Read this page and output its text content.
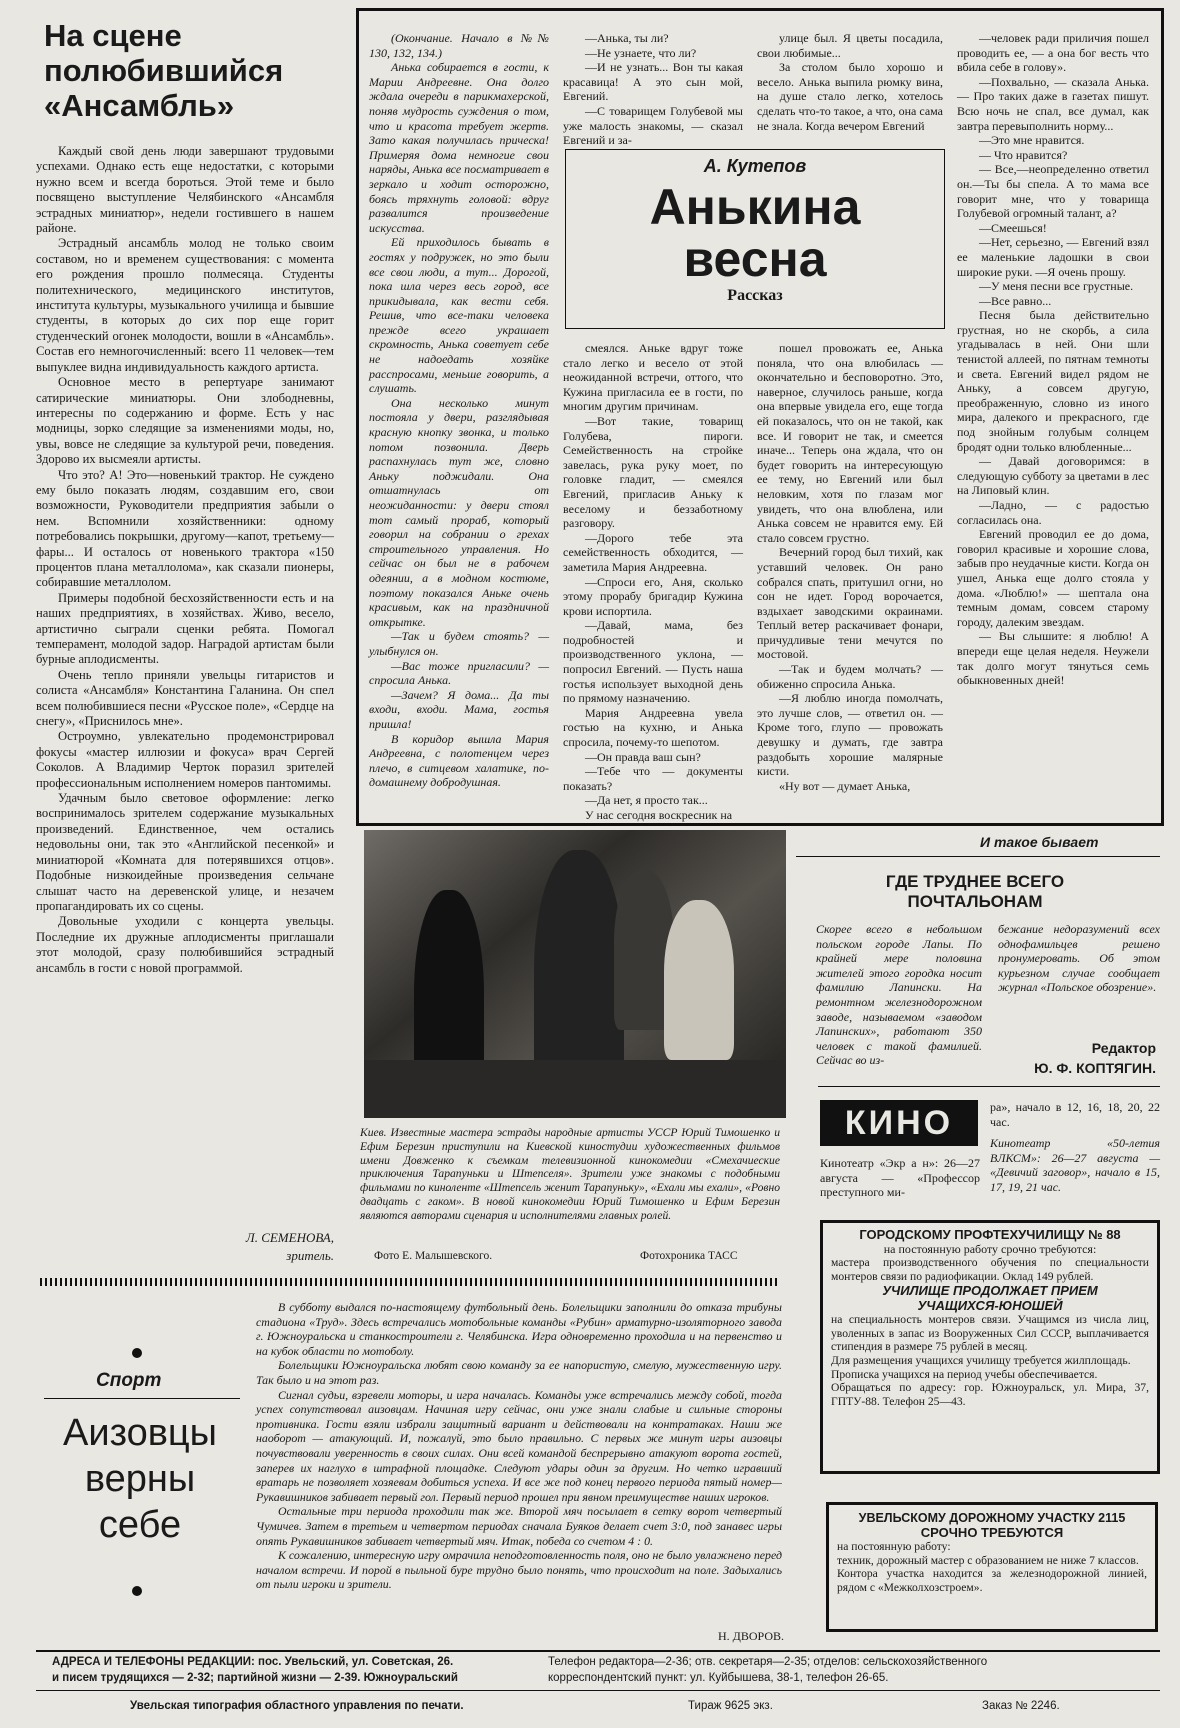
На сцене полюбившийся «Ансамбль»

Каждый свой день люди завершают трудовыми успехами. Однако есть еще недостатки, с которыми нужно всем и всегда бороться. Этой теме и было посвящено выступление Челябинского «Ансамбля эстрадных миниатюр», недели гостившего в нашем районе.

Эстрадный ансамбль молод не только своим составом, но и временем существования: с момента его рождения прошло полмесяца. Студенты политехнического, медицинского институтов, института культуры, музыкального училища и бывшие студенты, в которых до сих пор еще горит студенческий огонек молодости, вошли в «Ансамбль». Состав его немногочисленный: всего 11 человек—тем выпуклее видна индивидуальность каждого артиста.

Основное место в репертуаре занимают сатирические миниатюры. Они злободневны, интересны по содержанию и форме. Есть у нас модницы, зорко следящие за изменениями моды, но, увы, вовсе не следящие за культурой речи, поведения. Здорово их высмеяли артисты.

Что это? А! Это—новенький трактор. Не суждено ему было показать людям, создавшим его, свои возможности, Руководители предприятия забыли о нем. Вспомнили хозяйственники: одному потребовались покрышки, другому—капот, третьему—фары... И осталось от новенького трактора «150 процентов плана металлолома», как сказали пионеры, собиравшие металлолом.

Примеры подобной бесхозяйственности есть и на наших предприятиях, в хозяйствах. Живо, весело, артистично сыграли сценки ребята. Помогал темперамент, молодой задор. Наградой артистам были бурные аплодисменты.

Очень тепло приняли увельцы гитаристов и солиста «Ансамбля» Константина Галанина. Он спел всем полюбившиеся песни «Русское поле», «Сердце на снегу», «Приснилось мне».

Остроумно, увлекательно продемонстрировал фокусы «мастер иллюзии и фокуса» врач Сергей Соколов. А Владимир Черток поразил зрителей профессиональным исполнением номеров пантомимы.

Удачным было световое оформление: легко воспринималось зрителем содержание музыкальных произведений. Единственное, чем остались недовольны они, так это «Английской песенкой» и миниатюрой «Комната для потерявшихся отцов». Подобные низкоидейные произведения сельчане слышат часто на деревенской улице, и незачем пропагандировать их со сцены.

Довольные уходили с концерта увельцы. Последние их дружные аплодисменты приглашали этот молодой, сразу полюбившийся эстрадный ансамбль в гости с новой программой.

Л. СЕМЕНОВА,
зритель.

(Окончание. Начало в №№ 130, 132, 134.)

Анька собирается в гости, к Марии Андреевне. Она долго ждала очереди в парикмахерской, поняв мудрость суждения о том, что и красота требует жертв. Зато какая получилась прическа! Примеряя дома немногие свои наряды, Анька все посматривает в зеркало и ходит осторожно, боясь тряхнуть головой: вдруг развалится произведение искусства.

Ей приходилось бывать в гостях у подружек, но это были все свои люди, а тут... Дорогой, пока шла через весь город, все прикидывала, как вести себя. Решив, что все-таки человека прежде всего украшает скромность, Анька советует себе не надоедать хозяйке расспросами, меньше говорить, а слушать.

Она несколько минут постояла у двери, разглядывая красную кнопку звонка, и только потом позвонила. Дверь распахнулась тут же, словно Аньку поджидали. Она отшатнулась от неожиданности: у двери стоял тот самый прораб, который говорил на собрании о грехах строительного управления. Но сейчас он был не в рабочем одеянии, а в модном костюме, поэтому показался Аньке очень красивым, как на праздничной открытке.

—Так и будем стоять? — улыбнулся он.

—Вас тоже пригласили? — спросила Анька.

—Зачем? Я дома... Да ты входи, входи. Мама, гостья пришла!

В коридор вышла Мария Андреевна, с полотенцем через плечо, в ситцевом халатике, по-домашнему добродушная.

—Анька, ты ли?

—Не узнаете, что ли?

—И не узнать... Вон ты какая красавица! А это сын мой, Евгений.

—С товарищем Голубевой мы уже малость знакомы, — сказал Евгений и за-

улице был. Я цветы посадила, свои любимые...

За столом было хорошо и весело. Анька выпила рюмку вина, на душе стало легко, хотелось сделать что-то такое, а что, она сама не знала. Когда вечером Евгений

—человек ради приличия пошел проводить ее, — а она бог весть что вбила себе в голову».

—Похвально, — сказала Анька. — Про таких даже в газетах пишут. Всю ночь не спал, все думал, как завтра перевыполнить норму...

—Это мне нравится.

— Что нравится?

— Все,—неопределенно ответил он.—Ты бы спела. А то мама все говорит мне, что у товарища Голубевой огромный талант, а?

—Смеешься!

—Нет, серьезно, — Евгений взял ее маленькие ладошки в свои широкие руки. —Я очень прошу.

—У меня песни все грустные.

—Все равно...

Песня была действительно грустная, но не скорбь, а сила угадывалась в ней. Они шли тенистой аллеей, по пятнам темноты и света. Евгений видел рядом не Аньку, а совсем другую, преображенную, словно из иного мира, далекого и прекрасного, где под знойным голубым солнцем бродят одни только влюбленные...

— Давай договоримся: в следующую субботу за цветами в лес на Липовый клин.

—Ладно, — с радостью согласилась она.

Евгений проводил ее до дома, говорил красивые и хорошие слова, забыв про неудачные кисти. Когда он ушел, Анька еще долго стояла у дома. «Люблю!» — шептала она темным домам, совсем старому городу, далеким звездам.

— Вы слышите: я люблю! А впереди еще целая неделя. Неужели так долго могут тянуться семь обыкновенных дней!

А. Кутепов
Анькина
весна
Рассказ

смеялся. Аньке вдруг тоже стало легко и весело от этой неожиданной встречи, оттого, что Кужина пригласила ее в гости, по многим другим причинам.

—Вот такие, товарищ Голубева, пироги. Семейственность на стройке завелась, рука руку моет, по головке гладит, — смеялся Евгений, пригласив Аньку к веселому и беззаботному разговору.

—Дорого тебе эта семейственность обходится, — заметила Мария Андреевна.

—Спроси его, Аня, сколько этому прорабу бригадир Кужина крови испортила.

—Давай, мама, без подробностей и производственного уклона, — попросил Евгений. — Пусть наша гостья использует выходной день по прямому назначению.

Мария Андреевна увела гостью на кухню, и Анька спросила, почему-то шепотом.

—Он правда ваш сын?

—Тебе что — документы показать?

—Да нет, я просто так...

У нас сегодня воскресник на

пошел провожать ее, Анька поняла, что она влюбилась — окончательно и бесповоротно. Это, наверное, случилось раньше, когда она впервые увидела его, еще тогда ей показалось, что он не такой, как все. И говорит не так, и смеется иначе... Теперь она ждала, что он будет говорить на интересующую ее тему, но Евгений или был неловким, хотя по глазам мог увидеть, что она влюблена, или Анька совсем не нравится ему. Ей стало совсем грустно.

Вечерний город был тихий, как уставший человек. Он рано собрался спать, притушил огни, но сон не идет. Город ворочается, вздыхает заводскими окраинами. Теплый ветер раскачивает фонари, причудливые тени мечутся по мостовой.

—Так и будем молчать? —обиженно спросила Анька.

—Я люблю иногда помолчать, это лучше слов, — ответил он. —Кроме того, глупо — провожать девушку и думать, где завтра раздобыть хорошие малярные кисти.

«Ну вот — думает Анька,

Киев. Известные мастера эстрады народные артисты УССР Юрий Тимошенко и Ефим Березин приступили на Киевской киностудии художественных фильмов имени Довженко к съемкам телевизионной кинокомедии «Смехачиеские приключения Тарапуньки и Штепселя». Зрители уже знакомы с подобными фильмами по киноленте «Штепсель женит Тарапуньку», «Ехали мы ехали», «Ровно двадцать с гаком». В новой кинокомедии Юрий Тимошенко и Ефим Березин являются авторами сценария и исполнителями главных ролей.
Фото Е. Малышевского.	Фотохроника ТАСС
И такое бывает
ГДЕ ТРУДНЕЕ ВСЕГО
ПОЧТАЛЬОНАМ
Скорее всего в небольшом польском городе Лапы. По крайней мере половина жителей этого городка носит фамилию Лапински. На ремонтном железнодорожном заводе, называемом «заводом Лапинских», работают 350 человек с такой фамилией. Сейчас во из-
бежание недоразумений всех однофамильцев решено пронумеровать. Об этом курьезном случае сообщает журнал «Польское обозрение».
Редактор
Ю. Ф. КОПТЯГИН.
КИНО
Кинотеатр «Экр а н»: 26—27 августа — «Профессор преступного ми-
ра», начало в 12, 16, 18, 20, 22 час.
Кинотеатр «50-летия ВЛКСМ»: 26—27 августа — «Девичий заговор», начало в 15, 17, 19, 21 час.
ГОРОДСКОМУ ПРОФТЕХУЧИЛИЩУ № 88
на постоянную работу срочно требуются:
мастера производственного обучения по специальности монтеров связи по радиофикации. Оклад 149 рублей.
УЧИЛИЩЕ ПРОДОЛЖАЕТ ПРИЕМ
УЧАЩИХСЯ-ЮНОШЕЙ
на специальность монтеров связи. Учащимся из числа лиц, уволенных в запас из Вооруженных Сил СССР, выплачивается стипендия в размере 75 рублей в месяц.
Для размещения учащихся училищу требуется жилплощадь.
Прописка учащихся на период учебы обеспечивается.
Обращаться по адресу: гор. Южноуральск, ул. Мира, 37, ГПТУ-88. Телефон 25—43.
УВЕЛЬСКОМУ ДОРОЖНОМУ УЧАСТКУ 2115
СРОЧНО ТРЕБУЮТСЯ
на постоянную работу:
техник, дорожный мастер с образованием не ниже 7 классов.
Контора участка находится за железнодорожной линией, рядом с «Межколхозстроем».
Спорт
Аизовцы
верны
себе

В субботу выдался по-настоящему футбольный день. Болельщики заполнили до отказа трибуны стадиона «Труд». Здесь встречались мотобольные команды «Рубин» арматурно-изоляторного завода г. Южноуральска и станкостроители г. Челябинска. Игра одновременно проходила и на первенство и на кубок области по мотоболу.

Болельщики Южноуральска любят свою команду за ее напористую, смелую, мужественную игру. Так было и на этот раз.

Сигнал судьи, взревели моторы, и игра началась. Команды уже встречались между собой, тогда успех сопутствовал аизовцам. Начиная игру сейчас, они уже знали слабые и сильные стороны противника. Гости взяли избрали защитный вариант и действовали на контратаках. Наши же наоборот — атакующий. И, пожалуй, это было правильно. С первых же минут игры аизовцы почувствовали уверенность в своих силах. Они всей командой беспрерывно атакуют ворота гостей, заперев их наглухо в штрафной площадке. Следуют удары один за другим. Но четко игравший вратарь не позволяет хозяевам добиться успеха. И все же под конец первого периода пятый номер—Рукавишников забивает первый гол. Первый период прошел при явном преимуществе наших игроков.

Остальные три периода проходили так же. Второй мяч посылает в сетку ворот четвертый Чумичев. Затем в третьем и четвертом периодах сначала Буяков делает счет 3:0, под занавес игры опять Рукавишников забивает четвертый мяч. Итак, победа со счетом 4 : 0.

К сожалению, интересную игру омрачила неподготовленность поля, оно не было увлажнено перед началом встречи. И порой в пыльной буре трудно было понять, что происходит на поле. Задыхались от пыли игроки и зрители.

Н. ДВОРОВ.
АДРЕСА И ТЕЛЕФОНЫ РЕДАКЦИИ: пос. Увельский, ул. Советская, 26.	Телефон редактора—2-36; отв. секретаря—2-35; отделов: сельскохозяйственного
и писем трудящихся — 2-32; партийной жизни — 2-39. Южноуральский	корреспондентский пункт: ул. Куйбышева, 38-1, телефон 26-65.
Увельская типография областного управления по печати.	Тираж 9625 экз.	Заказ № 2246.
